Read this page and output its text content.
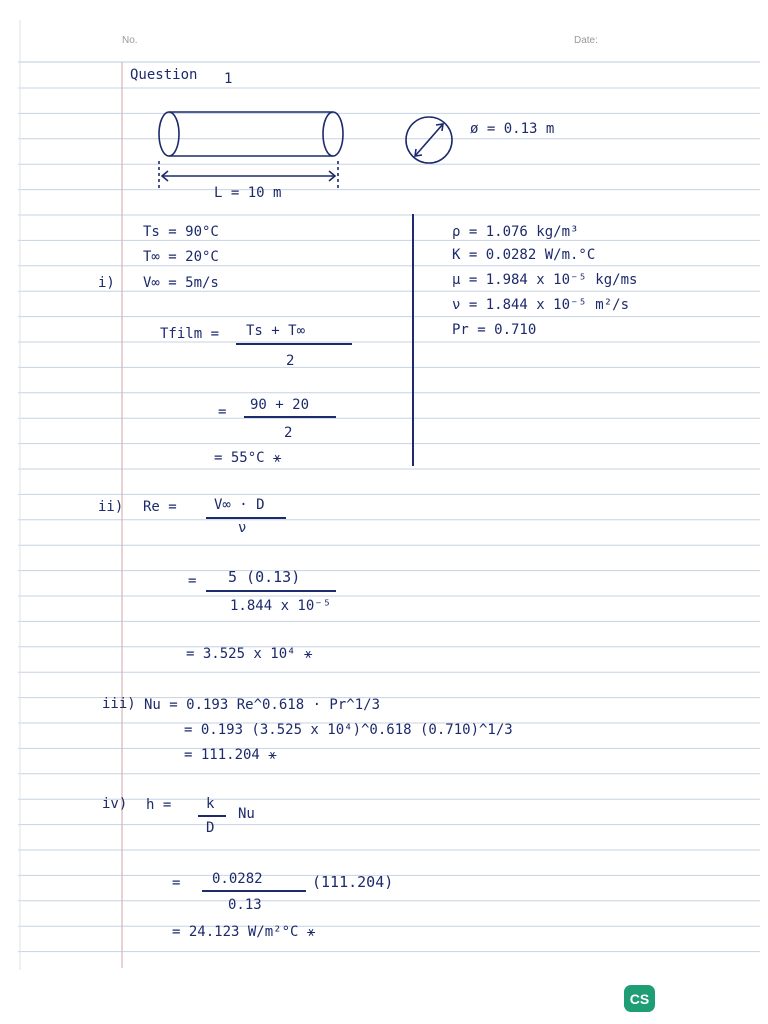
No.	Date:
Question 1
L = 10 m
ø = 0.13 m
Ts = 90°C
T∞ = 20°C
V∞ = 5m/s
ρ = 1.076 kg/m³
K = 0.0282 W/m.°C
μ = 1.984 x 10⁻⁵ kg/ms
ν = 1.844 x 10⁻⁵ m²/s
Pr = 0.710
i)
Tfilm = Ts + T∞
2
= 90 + 20
2
= 55°C ⚹
ii) Re =	V∞ · D
ν
= 5 (0.13)
1.844 x 10⁻⁵
= 3.525 x 10⁴ ⚹
iii) Nu = 0.193 Re^0.618 · Pr^1/3
= 0.193 (3.525 x 10⁴)^0.618 (0.710)^1/3
= 111.204 ⚹
iv) h = k
D
Nu
= 0.0282
0.13
(111.204)
= 24.123 W/m²°C ⚹
CS
